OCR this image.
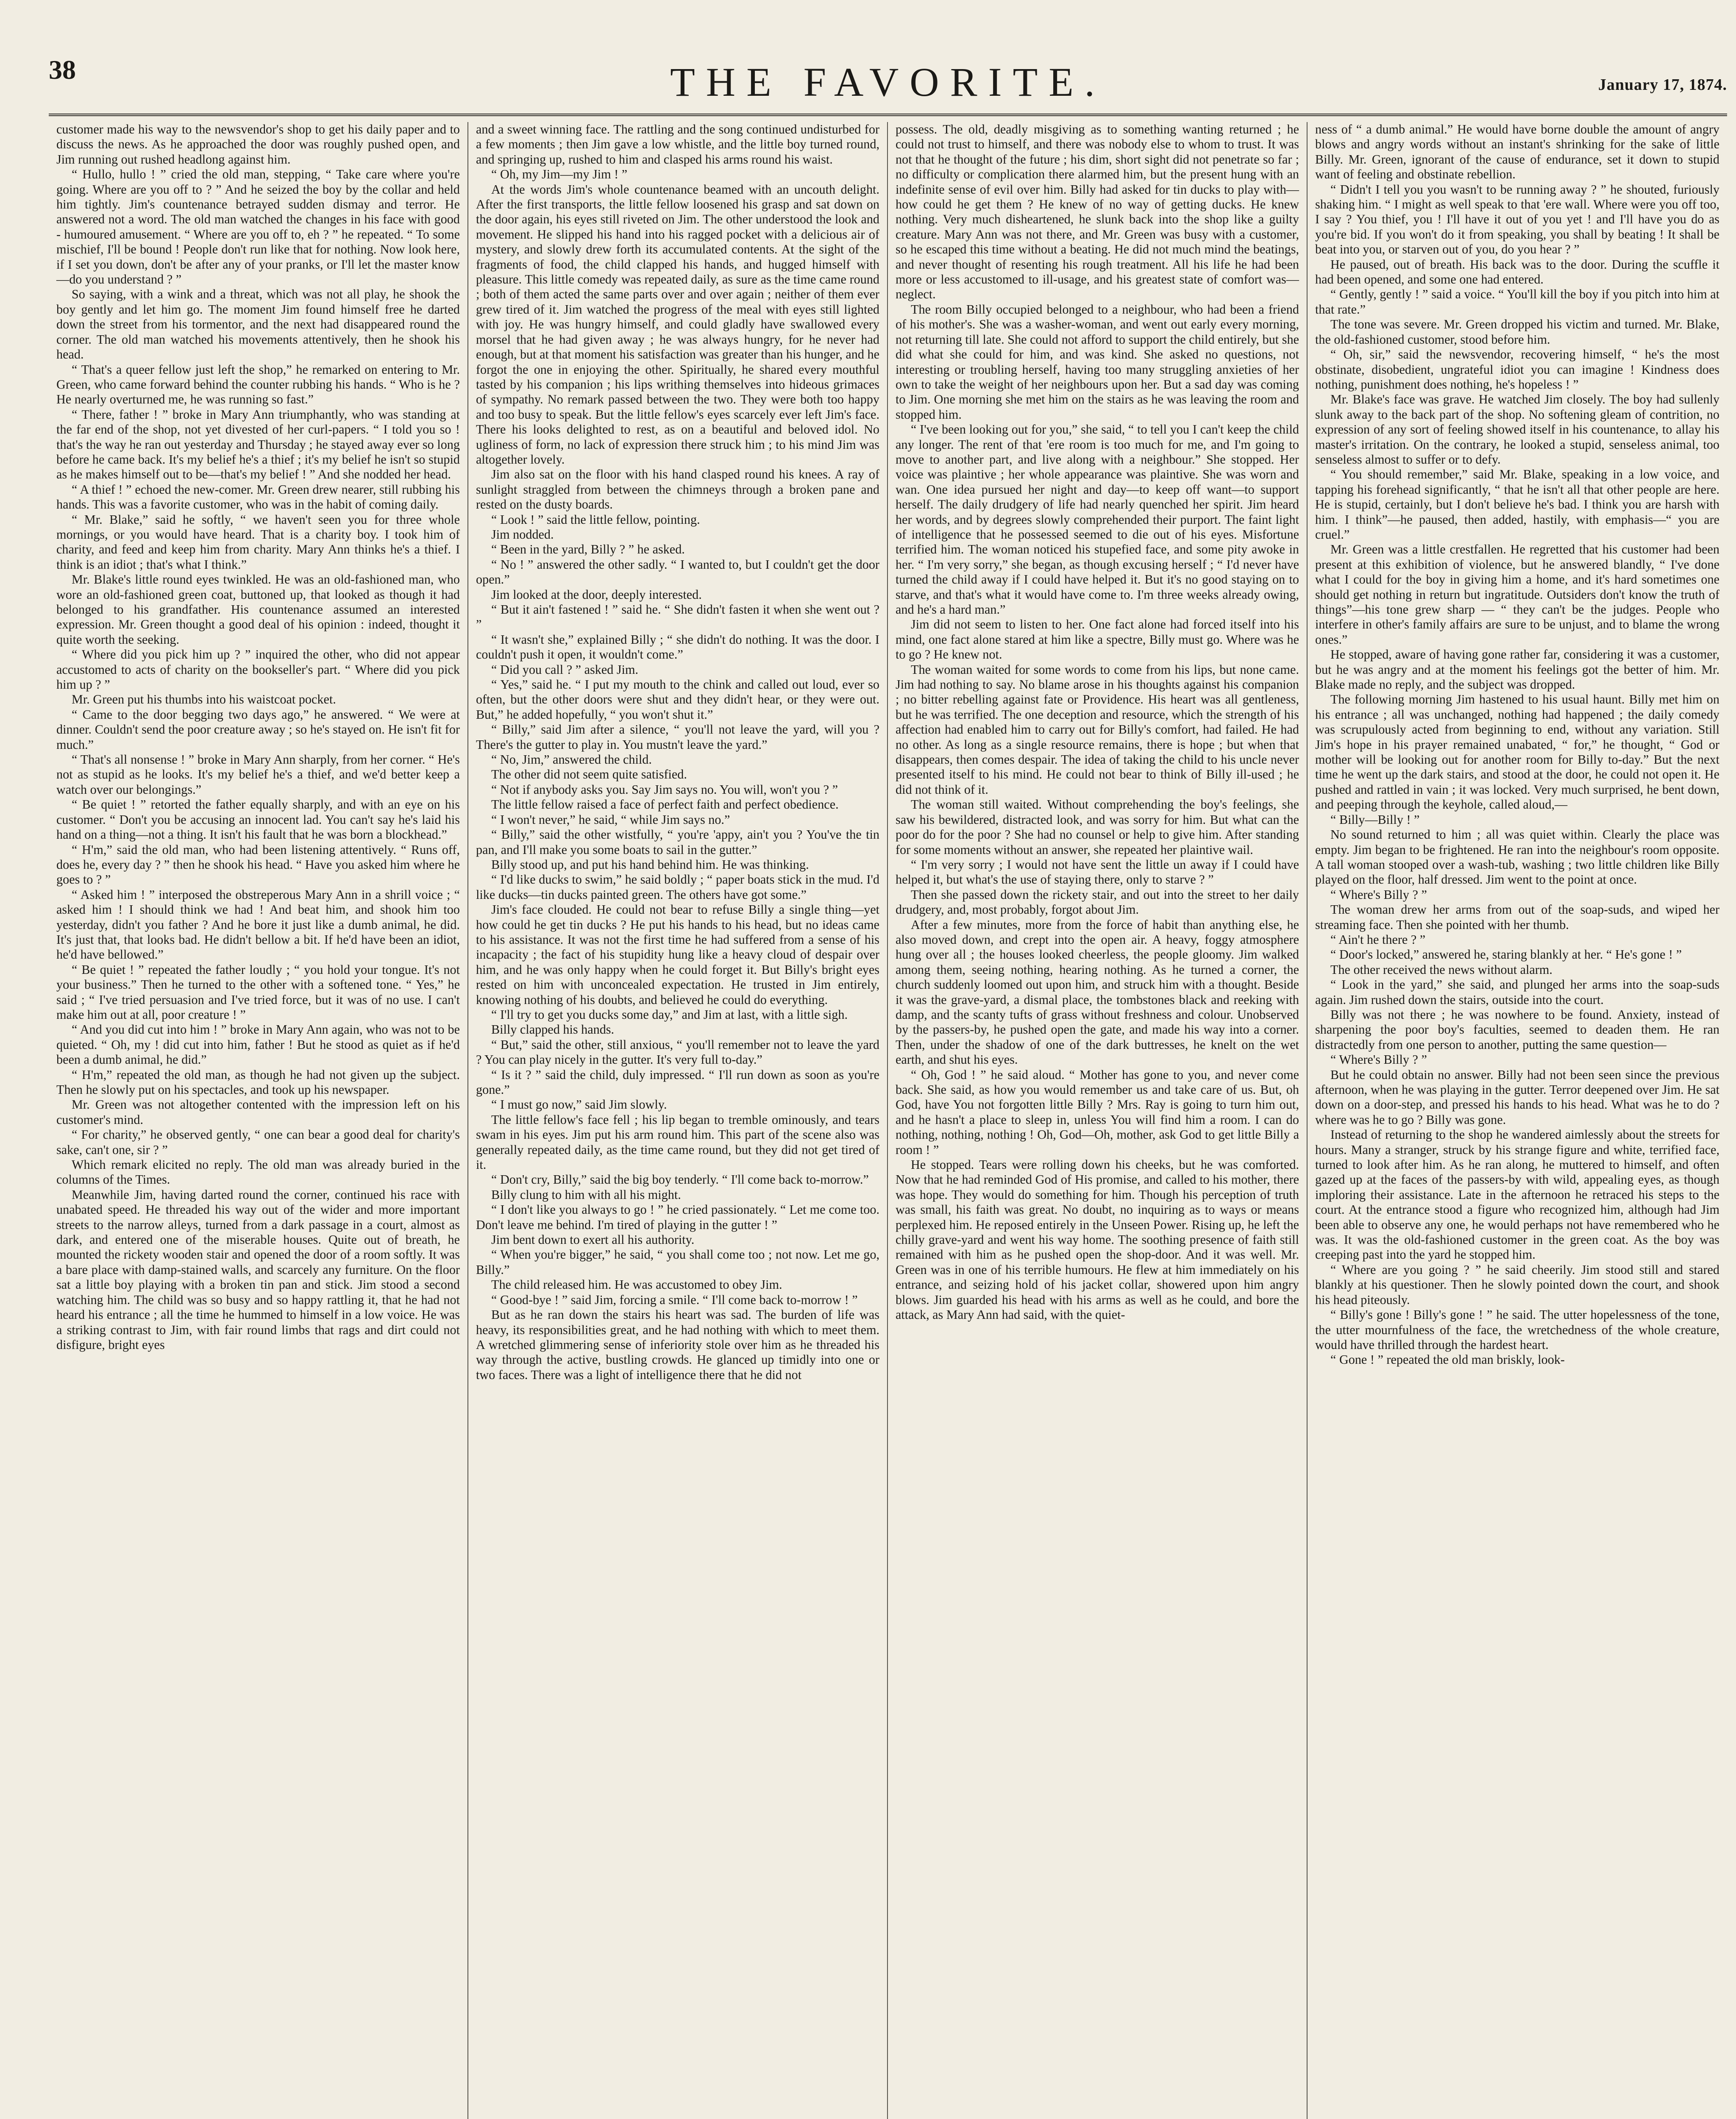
38	THE FAVORITE.	January 17, 1874.

customer made his way to the newsvendor's shop to get his daily paper and to discuss the news. As he approached the door was roughly pushed open, and Jim running out rushed headlong against him.

“ Hullo, hullo ! ” cried the old man, stepping, “ Take care where you're going. Where are you off to ? ” And he seized the boy by the collar and held him tightly. Jim's countenance betrayed sudden dismay and terror. He answered not a word. The old man watched the changes in his face with good - humoured amusement. “ Where are you off to, eh ? ” he repeated. “ To some mischief, I'll be bound ! People don't run like that for nothing. Now look here, if I set you down, don't be after any of your pranks, or I'll let the master know—do you understand ? ”

So saying, with a wink and a threat, which was not all play, he shook the boy gently and let him go. The moment Jim found himself free he darted down the street from his tormentor, and the next had disappeared round the corner. The old man watched his movements attentively, then he shook his head.

“ That's a queer fellow just left the shop,” he remarked on entering to Mr. Green, who came forward behind the counter rubbing his hands. “ Who is he ? He nearly overturned me, he was running so fast.”

“ There, father ! ” broke in Mary Ann triumphantly, who was standing at the far end of the shop, not yet divested of her curl-papers. “ I told you so ! that's the way he ran out yesterday and Thursday ; he stayed away ever so long before he came back. It's my belief he's a thief ; it's my belief he isn't so stupid as he makes himself out to be—that's my belief ! ” And she nodded her head.

“ A thief ! ” echoed the new-comer. Mr. Green drew nearer, still rubbing his hands. This was a favorite customer, who was in the habit of coming daily.

“ Mr. Blake,” said he softly, “ we haven't seen you for three whole mornings, or you would have heard. That is a charity boy. I took him of charity, and feed and keep him from charity. Mary Ann thinks he's a thief. I think is an idiot ; that's what I think.”

Mr. Blake's little round eyes twinkled. He was an old-fashioned man, who wore an old-fashioned green coat, buttoned up, that looked as though it had belonged to his grandfather. His countenance assumed an interested expression. Mr. Green thought a good deal of his opinion : indeed, thought it quite worth the seeking.

“ Where did you pick him up ? ” inquired the other, who did not appear accustomed to acts of charity on the bookseller's part. “ Where did you pick him up ? ”

Mr. Green put his thumbs into his waistcoat pocket.

“ Came to the door begging two days ago,” he answered. “ We were at dinner. Couldn't send the poor creature away ; so he's stayed on. He isn't fit for much.”

“ That's all nonsense ! ” broke in Mary Ann sharply, from her corner. “ He's not as stupid as he looks. It's my belief he's a thief, and we'd better keep a watch over our belongings.”

“ Be quiet ! ” retorted the father equally sharply, and with an eye on his customer. “ Don't you be accusing an innocent lad. You can't say he's laid his hand on a thing—not a thing. It isn't his fault that he was born a blockhead.”

“ H'm,” said the old man, who had been listening attentively. “ Runs off, does he, every day ? ” then he shook his head. “ Have you asked him where he goes to ? ”

“ Asked him ! ” interposed the obstreperous Mary Ann in a shrill voice ; “ asked him ! I should think we had ! And beat him, and shook him too yesterday, didn't you father ? And he bore it just like a dumb animal, he did. It's just that, that looks bad. He didn't bellow a bit. If he'd have been an idiot, he'd have bellowed.”

“ Be quiet ! ” repeated the father loudly ; “ you hold your tongue. It's not your business.” Then he turned to the other with a softened tone. “ Yes,” he said ; “ I've tried persuasion and I've tried force, but it was of no use. I can't make him out at all, poor creature ! ”

“ And you did cut into him ! ” broke in Mary Ann again, who was not to be quieted. “ Oh, my ! did cut into him, father ! But he stood as quiet as if he'd been a dumb animal, he did.”

“ H'm,” repeated the old man, as though he had not given up the subject. Then he slowly put on his spectacles, and took up his newspaper.

Mr. Green was not altogether contented with the impression left on his customer's mind.

“ For charity,” he observed gently, “ one can bear a good deal for charity's sake, can't one, sir ? ”

Which remark elicited no reply. The old man was already buried in the columns of the Times.

Meanwhile Jim, having darted round the corner, continued his race with unabated speed. He threaded his way out of the wider and more important streets to the narrow alleys, turned from a dark passage in a court, almost as dark, and entered one of the miserable houses. Quite out of breath, he mounted the rickety wooden stair and opened the door of a room softly. It was a bare place with damp-stained walls, and scarcely any furniture. On the floor sat a little boy playing with a broken tin pan and stick. Jim stood a second watching him. The child was so busy and so happy rattling it, that he had not heard his entrance ; all the time he hummed to himself in a low voice. He was a striking contrast to Jim, with fair round limbs that rags and dirt could not disfigure, bright eyes

and a sweet winning face. The rattling and the song continued undisturbed for a few moments ; then Jim gave a low whistle, and the little boy turned round, and springing up, rushed to him and clasped his arms round his waist.

“ Oh, my Jim—my Jim ! ”

At the words Jim's whole countenance beamed with an uncouth delight. After the first transports, the little fellow loosened his grasp and sat down on the door again, his eyes still riveted on Jim. The other understood the look and movement. He slipped his hand into his ragged pocket with a delicious air of mystery, and slowly drew forth its accumulated contents. At the sight of the fragments of food, the child clapped his hands, and hugged himself with pleasure. This little comedy was repeated daily, as sure as the time came round ; both of them acted the same parts over and over again ; neither of them ever grew tired of it. Jim watched the progress of the meal with eyes still lighted with joy. He was hungry himself, and could gladly have swallowed every morsel that he had given away ; he was always hungry, for he never had enough, but at that moment his satisfaction was greater than his hunger, and he forgot the one in enjoying the other. Spiritually, he shared every mouthful tasted by his companion ; his lips writhing themselves into hideous grimaces of sympathy. No remark passed between the two. They were both too happy and too busy to speak. But the little fellow's eyes scarcely ever left Jim's face. There his looks delighted to rest, as on a beautiful and beloved idol. No ugliness of form, no lack of expression there struck him ; to his mind Jim was altogether lovely.

Jim also sat on the floor with his hand clasped round his knees. A ray of sunlight straggled from between the chimneys through a broken pane and rested on the dusty boards.

“ Look ! ” said the little fellow, pointing.

Jim nodded.

“ Been in the yard, Billy ? ” he asked.

“ No ! ” answered the other sadly. “ I wanted to, but I couldn't get the door open.”

Jim looked at the door, deeply interested.

“ But it ain't fastened ! ” said he. “ She didn't fasten it when she went out ? ”

“ It wasn't she,” explained Billy ; “ she didn't do nothing. It was the door. I couldn't push it open, it wouldn't come.”

“ Did you call ? ” asked Jim.

“ Yes,” said he. “ I put my mouth to the chink and called out loud, ever so often, but the other doors were shut and they didn't hear, or they were out. But,” he added hopefully, “ you won't shut it.”

“ Billy,” said Jim after a silence, “ you'll not leave the yard, will you ? There's the gutter to play in. You mustn't leave the yard.”

“ No, Jim,” answered the child.

The other did not seem quite satisfied.

“ Not if anybody asks you. Say Jim says no. You will, won't you ? ”

The little fellow raised a face of perfect faith and perfect obedience.

“ I won't never,” he said, “ while Jim says no.”

“ Billy,” said the other wistfully, “ you're 'appy, ain't you ? You've the tin pan, and I'll make you some boats to sail in the gutter.”

Billy stood up, and put his hand behind him. He was thinking.

“ I'd like ducks to swim,” he said boldly ; “ paper boats stick in the mud. I'd like ducks—tin ducks painted green. The others have got some.”

Jim's face clouded. He could not bear to refuse Billy a single thing—yet how could he get tin ducks ? He put his hands to his head, but no ideas came to his assistance. It was not the first time he had suffered from a sense of his incapacity ; the fact of his stupidity hung like a heavy cloud of despair over him, and he was only happy when he could forget it. But Billy's bright eyes rested on him with unconcealed expectation. He trusted in Jim entirely, knowing nothing of his doubts, and believed he could do everything.

“ I'll try to get you ducks some day,” and Jim at last, with a little sigh.

Billy clapped his hands.

“ But,” said the other, still anxious, “ you'll remember not to leave the yard ? You can play nicely in the gutter. It's very full to-day.”

“ Is it ? ” said the child, duly impressed. “ I'll run down as soon as you're gone.”

“ I must go now,” said Jim slowly.

The little fellow's face fell ; his lip began to tremble ominously, and tears swam in his eyes. Jim put his arm round him. This part of the scene also was generally repeated daily, as the time came round, but they did not get tired of it.

“ Don't cry, Billy,” said the big boy tenderly. “ I'll come back to-morrow.”

Billy clung to him with all his might.

“ I don't like you always to go ! ” he cried passionately. “ Let me come too. Don't leave me behind. I'm tired of playing in the gutter ! ”

Jim bent down to exert all his authority.

“ When you're bigger,” he said, “ you shall come too ; not now. Let me go, Billy.”

The child released him. He was accustomed to obey Jim.

“ Good-bye ! ” said Jim, forcing a smile. “ I'll come back to-morrow ! ”

But as he ran down the stairs his heart was sad. The burden of life was heavy, its responsibilities great, and he had nothing with which to meet them. A wretched glimmering sense of inferiority stole over him as he threaded his way through the active, bustling crowds. He glanced up timidly into one or two faces. There was a light of intelligence there that he did not

possess. The old, deadly misgiving as to something wanting returned ; he could not trust to himself, and there was nobody else to whom to trust. It was not that he thought of the future ; his dim, short sight did not penetrate so far ; no difficulty or complication there alarmed him, but the present hung with an indefinite sense of evil over him. Billy had asked for tin ducks to play with—how could he get them ? He knew of no way of getting ducks. He knew nothing. Very much disheartened, he slunk back into the shop like a guilty creature. Mary Ann was not there, and Mr. Green was busy with a customer, so he escaped this time without a beating. He did not much mind the beatings, and never thought of resenting his rough treatment. All his life he had been more or less accustomed to ill-usage, and his greatest state of comfort was—neglect.

The room Billy occupied belonged to a neighbour, who had been a friend of his mother's. She was a washer-woman, and went out early every morning, not returning till late. She could not afford to support the child entirely, but she did what she could for him, and was kind. She asked no questions, not interesting or troubling herself, having too many struggling anxieties of her own to take the weight of her neighbours upon her. But a sad day was coming to Jim. One morning she met him on the stairs as he was leaving the room and stopped him.

“ I've been looking out for you,” she said, “ to tell you I can't keep the child any longer. The rent of that 'ere room is too much for me, and I'm going to move to another part, and live along with a neighbour.” She stopped. Her voice was plaintive ; her whole appearance was plaintive. She was worn and wan. One idea pursued her night and day—to keep off want—to support herself. The daily drudgery of life had nearly quenched her spirit. Jim heard her words, and by degrees slowly comprehended their purport. The faint light of intelligence that he possessed seemed to die out of his eyes. Misfortune terrified him. The woman noticed his stupefied face, and some pity awoke in her. “ I'm very sorry,” she began, as though excusing herself ; “ I'd never have turned the child away if I could have helped it. But it's no good staying on to starve, and that's what it would have come to. I'm three weeks already owing, and he's a hard man.”

Jim did not seem to listen to her. One fact alone had forced itself into his mind, one fact alone stared at him like a spectre, Billy must go. Where was he to go ? He knew not.

The woman waited for some words to come from his lips, but none came. Jim had nothing to say. No blame arose in his thoughts against his companion ; no bitter rebelling against fate or Providence. His heart was all gentleness, but he was terrified. The one deception and resource, which the strength of his affection had enabled him to carry out for Billy's comfort, had failed. He had no other. As long as a single resource remains, there is hope ; but when that disappears, then comes despair. The idea of taking the child to his uncle never presented itself to his mind. He could not bear to think of Billy ill-used ; he did not think of it.

The woman still waited. Without comprehending the boy's feelings, she saw his bewildered, distracted look, and was sorry for him. But what can the poor do for the poor ? She had no counsel or help to give him. After standing for some moments without an answer, she repeated her plaintive wail.

“ I'm very sorry ; I would not have sent the little un away if I could have helped it, but what's the use of staying there, only to starve ? ”

Then she passed down the rickety stair, and out into the street to her daily drudgery, and, most probably, forgot about Jim.

After a few minutes, more from the force of habit than anything else, he also moved down, and crept into the open air. A heavy, foggy atmosphere hung over all ; the houses looked cheerless, the people gloomy. Jim walked among them, seeing nothing, hearing nothing. As he turned a corner, the church suddenly loomed out upon him, and struck him with a thought. Beside it was the grave-yard, a dismal place, the tombstones black and reeking with damp, and the scanty tufts of grass without freshness and colour. Unobserved by the passers-by, he pushed open the gate, and made his way into a corner. Then, under the shadow of one of the dark buttresses, he knelt on the wet earth, and shut his eyes.

“ Oh, God ! ” he said aloud. “ Mother has gone to you, and never come back. She said, as how you would remember us and take care of us. But, oh God, have You not forgotten little Billy ? Mrs. Ray is going to turn him out, and he hasn't a place to sleep in, unless You will find him a room. I can do nothing, nothing, nothing ! Oh, God—Oh, mother, ask God to get little Billy a room ! ”

He stopped. Tears were rolling down his cheeks, but he was comforted. Now that he had reminded God of His promise, and called to his mother, there was hope. They would do something for him. Though his perception of truth was small, his faith was great. No doubt, no inquiring as to ways or means perplexed him. He reposed entirely in the Unseen Power. Rising up, he left the chilly grave-yard and went his way home. The soothing presence of faith still remained with him as he pushed open the shop-door. And it was well. Mr. Green was in one of his terrible humours. He flew at him immediately on his entrance, and seizing hold of his jacket collar, showered upon him angry blows. Jim guarded his head with his arms as well as he could, and bore the attack, as Mary Ann had said, with the quiet-

ness of “ a dumb animal.” He would have borne double the amount of angry blows and angry words without an instant's shrinking for the sake of little Billy. Mr. Green, ignorant of the cause of endurance, set it down to stupid want of feeling and obstinate rebellion.

“ Didn't I tell you you wasn't to be running away ? ” he shouted, furiously shaking him. “ I might as well speak to that 'ere wall. Where were you off too, I say ? You thief, you ! I'll have it out of you yet ! and I'll have you do as you're bid. If you won't do it from speaking, you shall by beating ! It shall be beat into you, or starven out of you, do you hear ? ”

He paused, out of breath. His back was to the door. During the scuffle it had been opened, and some one had entered.

“ Gently, gently ! ” said a voice. “ You'll kill the boy if you pitch into him at that rate.”

The tone was severe. Mr. Green dropped his victim and turned. Mr. Blake, the old-fashioned customer, stood before him.

“ Oh, sir,” said the newsvendor, recovering himself, “ he's the most obstinate, disobedient, ungrateful idiot you can imagine ! Kindness does nothing, punishment does nothing, he's hopeless ! ”

Mr. Blake's face was grave. He watched Jim closely. The boy had sullenly slunk away to the back part of the shop. No softening gleam of contrition, no expression of any sort of feeling showed itself in his countenance, to allay his master's irritation. On the contrary, he looked a stupid, senseless animal, too senseless almost to suffer or to defy.

“ You should remember,” said Mr. Blake, speaking in a low voice, and tapping his forehead significantly, “ that he isn't all that other people are here. He is stupid, certainly, but I don't believe he's bad. I think you are harsh with him. I think”—he paused, then added, hastily, with emphasis—“ you are cruel.”

Mr. Green was a little crestfallen. He regretted that his customer had been present at this exhibition of violence, but he answered blandly, “ I've done what I could for the boy in giving him a home, and it's hard sometimes one should get nothing in return but ingratitude. Outsiders don't know the truth of things”—his tone grew sharp — “ they can't be the judges. People who interfere in other's family affairs are sure to be unjust, and to blame the wrong ones.”

He stopped, aware of having gone rather far, considering it was a customer, but he was angry and at the moment his feelings got the better of him. Mr. Blake made no reply, and the subject was dropped.

The following morning Jim hastened to his usual haunt. Billy met him on his entrance ; all was unchanged, nothing had happened ; the daily comedy was scrupulously acted from beginning to end, without any variation. Still Jim's hope in his prayer remained unabated, “ for,” he thought, “ God or mother will be looking out for another room for Billy to-day.” But the next time he went up the dark stairs, and stood at the door, he could not open it. He pushed and rattled in vain ; it was locked. Very much surprised, he bent down, and peeping through the keyhole, called aloud,—

“ Billy—Billy ! ”

No sound returned to him ; all was quiet within. Clearly the place was empty. Jim began to be frightened. He ran into the neighbour's room opposite. A tall woman stooped over a wash-tub, washing ; two little children like Billy played on the floor, half dressed. Jim went to the point at once.

“ Where's Billy ? ”

The woman drew her arms from out of the soap-suds, and wiped her streaming face. Then she pointed with her thumb.

“ Ain't he there ? ”

“ Door's locked,” answered he, staring blankly at her. “ He's gone ! ”

The other received the news without alarm.

“ Look in the yard,” she said, and plunged her arms into the soap-suds again. Jim rushed down the stairs, outside into the court.

Billy was not there ; he was nowhere to be found. Anxiety, instead of sharpening the poor boy's faculties, seemed to deaden them. He ran distractedly from one person to another, putting the same question—

“ Where's Billy ? ”

But he could obtain no answer. Billy had not been seen since the previous afternoon, when he was playing in the gutter. Terror deepened over Jim. He sat down on a door-step, and pressed his hands to his head. What was he to do ? where was he to go ? Billy was gone.

Instead of returning to the shop he wandered aimlessly about the streets for hours. Many a stranger, struck by his strange figure and white, terrified face, turned to look after him. As he ran along, he muttered to himself, and often gazed up at the faces of the passers-by with wild, appealing eyes, as though imploring their assistance. Late in the afternoon he retraced his steps to the court. At the entrance stood a figure who recognized him, although had Jim been able to observe any one, he would perhaps not have remembered who he was. It was the old-fashioned customer in the green coat. As the boy was creeping past into the yard he stopped him.

“ Where are you going ? ” he said cheerily. Jim stood still and stared blankly at his questioner. Then he slowly pointed down the court, and shook his head piteously.

“ Billy's gone ! Billy's gone ! ” he said. The utter hopelessness of the tone, the utter mournfulness of the face, the wretchedness of the whole creature, would have thrilled through the hardest heart.

“ Gone ! ” repeated the old man briskly, look-
